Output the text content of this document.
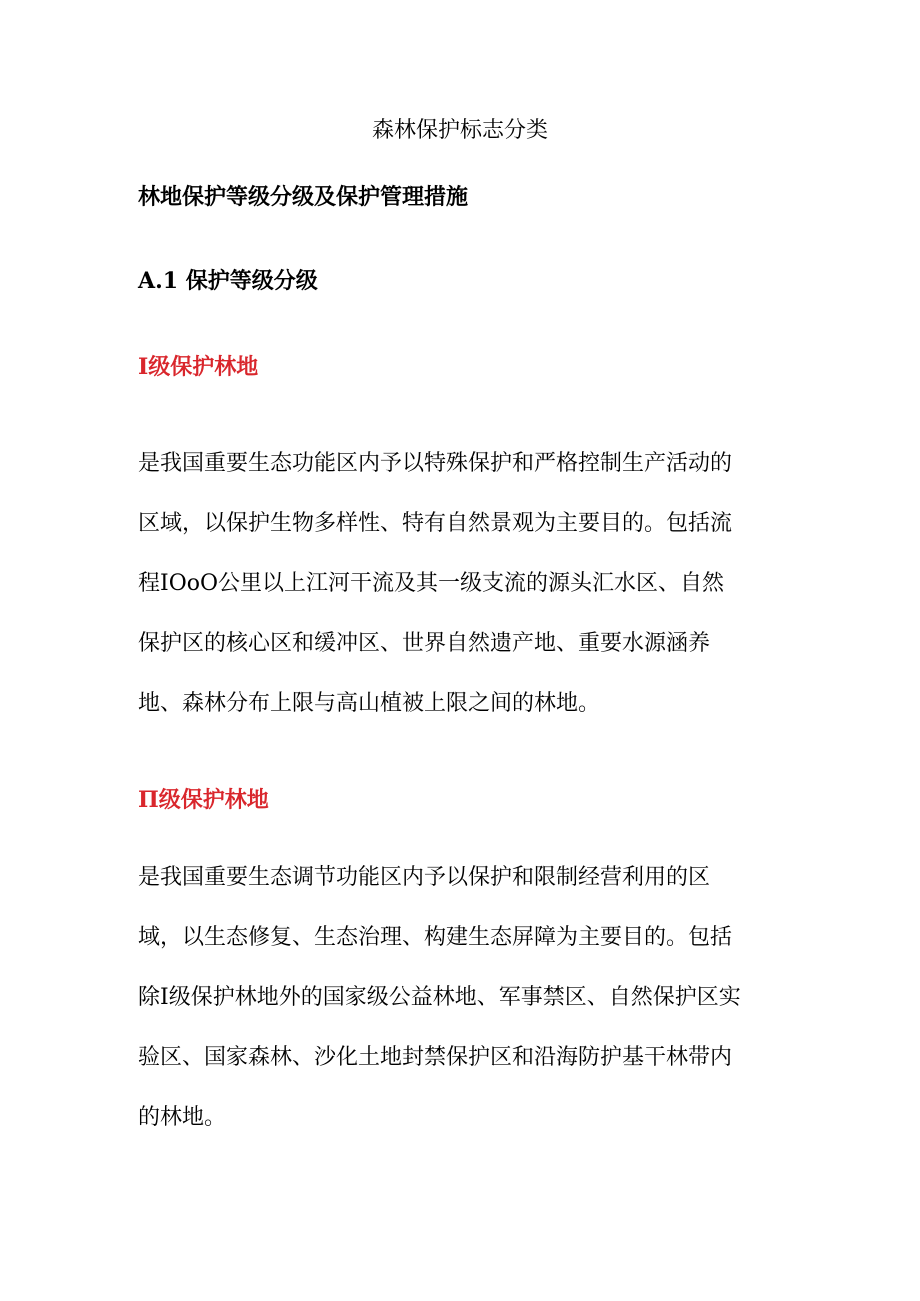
森林保护标志分类
林地保护等级分级及保护管理措施
A.1 保护等级分级
I级保护林地
是我国重要生态功能区内予以特殊保护和严格控制生产活动的
区域，以保护生物多样性、特有自然景观为主要目的。包括流
程IOoO公里以上江河干流及其一级支流的源头汇水区、自然
保护区的核心区和缓冲区、世界自然遗产地、重要水源涵养
地、森林分布上限与高山植被上限之间的林地。
Π级保护林地
是我国重要生态调节功能区内予以保护和限制经营利用的区
域，以生态修复、生态治理、构建生态屏障为主要目的。包括
除I级保护林地外的国家级公益林地、军事禁区、自然保护区实
验区、国家森林、沙化土地封禁保护区和沿海防护基干林带内
的林地。
